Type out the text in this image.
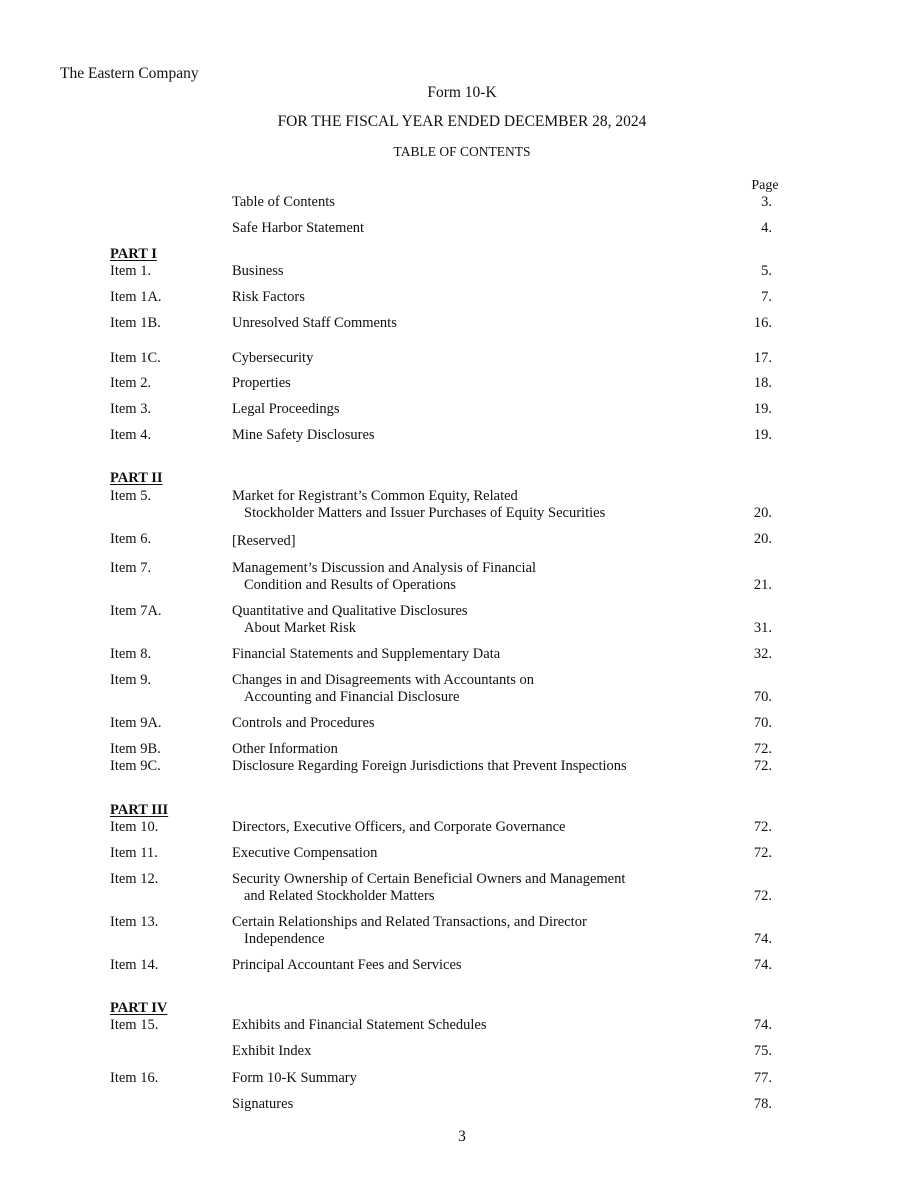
The Eastern Company
Form 10-K
FOR THE FISCAL YEAR ENDED DECEMBER 28, 2024
TABLE OF CONTENTS
Page
Table of Contents	3.
Safe Harbor Statement	4.
PART I
Item 1.	Business	5.
Item 1A.	Risk Factors	7.
Item 1B.	Unresolved Staff Comments	16.
Item 1C.	Cybersecurity	17.
Item 2.	Properties	18.
Item 3.	Legal Proceedings	19.
Item 4.	Mine Safety Disclosures	19.
PART II
Item 5.	Market for Registrant’s Common Equity, Related
Stockholder Matters and Issuer Purchases of Equity Securities	20.
Item 6.	[Reserved]	20.
Item 7.	Management’s Discussion and Analysis of Financial
Condition and Results of Operations	21.
Item 7A.	Quantitative and Qualitative Disclosures
About Market Risk	31.
Item 8.	Financial Statements and Supplementary Data	32.
Item 9.	Changes in and Disagreements with Accountants on
Accounting and Financial Disclosure	70.
Item 9A.	Controls and Procedures	70.
Item 9B.	Other Information	72.
Item 9C.	Disclosure Regarding Foreign Jurisdictions that Prevent Inspections	72.
PART III
Item 10.	Directors, Executive Officers, and Corporate Governance	72.
Item 11.	Executive Compensation	72.
Item 12.	Security Ownership of Certain Beneficial Owners and Management
and Related Stockholder Matters	72.
Item 13.	Certain Relationships and Related Transactions, and Director
Independence	74.
Item 14.	Principal Accountant Fees and Services	74.
PART IV
Item 15.	Exhibits and Financial Statement Schedules	74.
Exhibit Index	75.
Item 16.	Form 10-K Summary	77.
Signatures	78.
3
